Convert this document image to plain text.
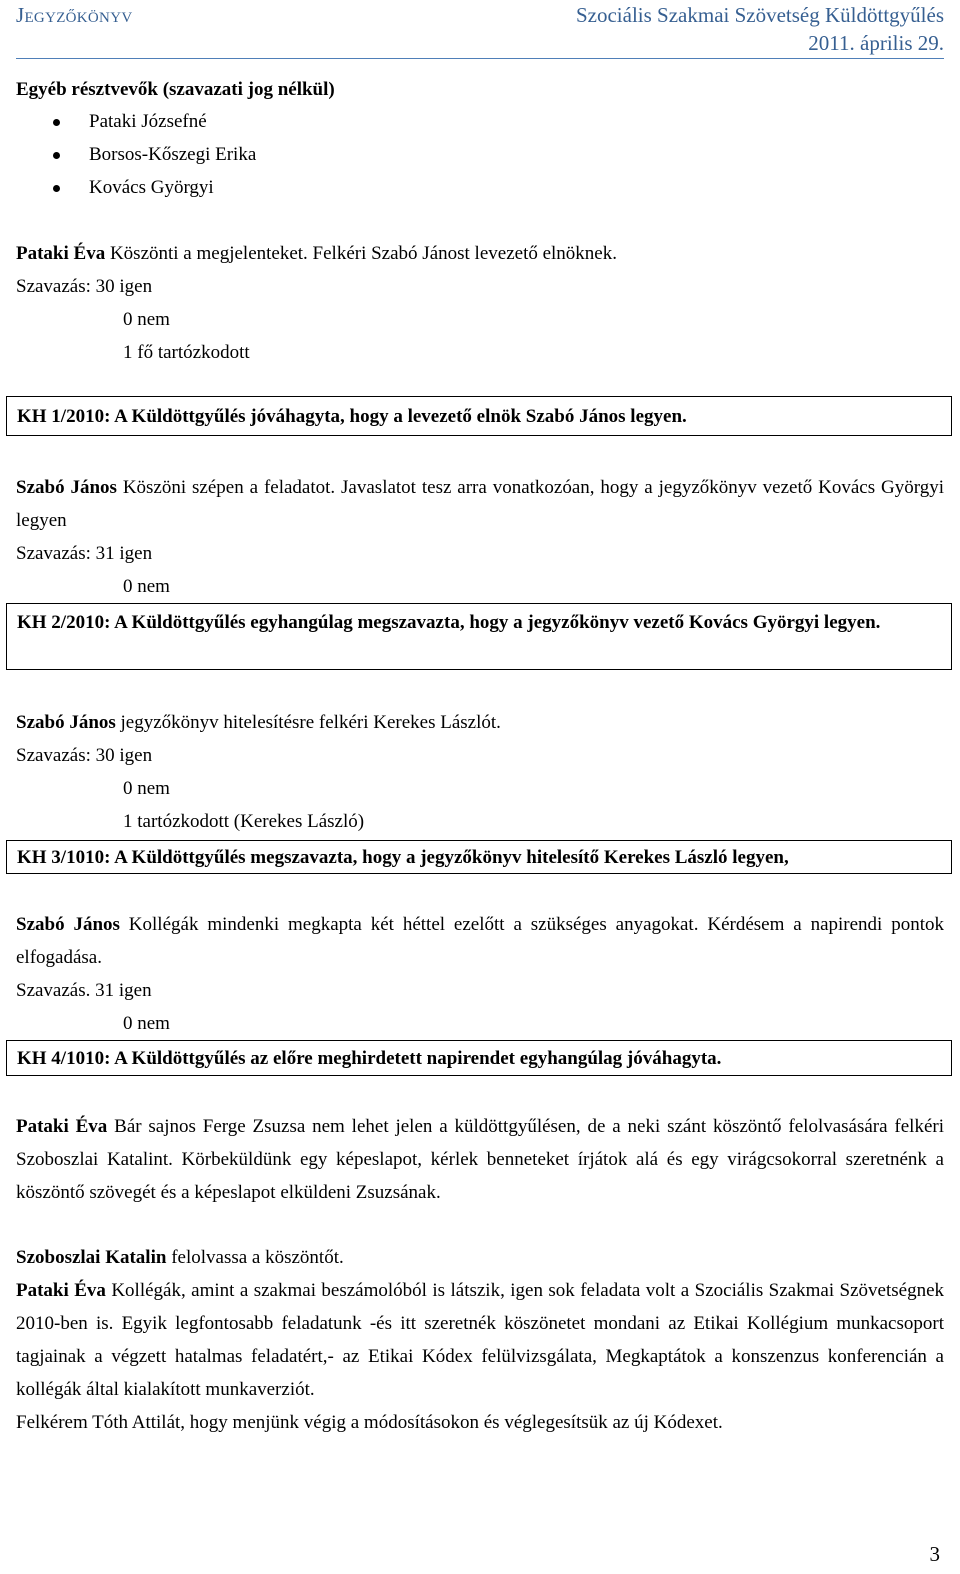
Jegyzőkönyv	Szociális Szakmai Szövetség Küldöttgyűlés
2011. április 29.

Egyéb résztvevők (szavazati jog nélkül)

Pataki Józsefné
Borsos-Kőszegi Erika
Kovács Györgyi
Pataki Éva Köszönti a megjelenteket. Felkéri Szabó Jánost levezető elnöknek.
Szavazás: 30 igen
0 nem
1 fő tartózkodott
KH 1/2010: A Küldöttgyűlés jóváhagyta, hogy a levezető elnök Szabó János legyen.
Szabó János Köszöni szépen a feladatot. Javaslatot tesz arra vonatkozóan, hogy a jegyzőkönyv vezető Kovács Györgyi legyen
Szavazás: 31 igen
0 nem
KH 2/2010: A Küldöttgyűlés egyhangúlag megszavazta, hogy a jegyzőkönyv vezető Kovács Györgyi legyen.
Szabó János jegyzőkönyv hitelesítésre felkéri Kerekes Lászlót.
Szavazás: 30 igen
0 nem
1 tartózkodott (Kerekes László)
KH 3/1010: A Küldöttgyűlés megszavazta, hogy a jegyzőkönyv hitelesítő Kerekes László legyen,
Szabó János Kollégák mindenki megkapta két héttel ezelőtt a szükséges anyagokat. Kérdésem a napirendi pontok elfogadása.
Szavazás. 31 igen
0 nem
KH 4/1010: A Küldöttgyűlés az előre meghirdetett napirendet egyhangúlag jóváhagyta.
Pataki Éva Bár sajnos Ferge Zsuzsa nem lehet jelen a küldöttgyűlésen, de a neki szánt köszöntő felolvasására felkéri Szoboszlai Katalint. Körbeküldünk egy képeslapot, kérlek benneteket írjátok alá és egy virágcsokorral szeretnénk a köszöntő szövegét és a képeslapot elküldeni Zsuzsának.
Szoboszlai Katalin felolvassa a köszöntőt.
Pataki Éva Kollégák, amint a szakmai beszámolóból is látszik, igen sok feladata volt a Szociális Szakmai Szövetségnek 2010-ben is. Egyik legfontosabb feladatunk -és itt szeretnék köszönetet mondani az Etikai Kollégium munkacsoport tagjainak a végzett hatalmas feladatért,- az Etikai Kódex felülvizsgálata, Megkaptátok a konszenzus konferencián a kollégák által kialakított munkaverziót.
Felkérem Tóth Attilát, hogy menjünk végig a módosításokon és véglegesítsük az új Kódexet.
3
